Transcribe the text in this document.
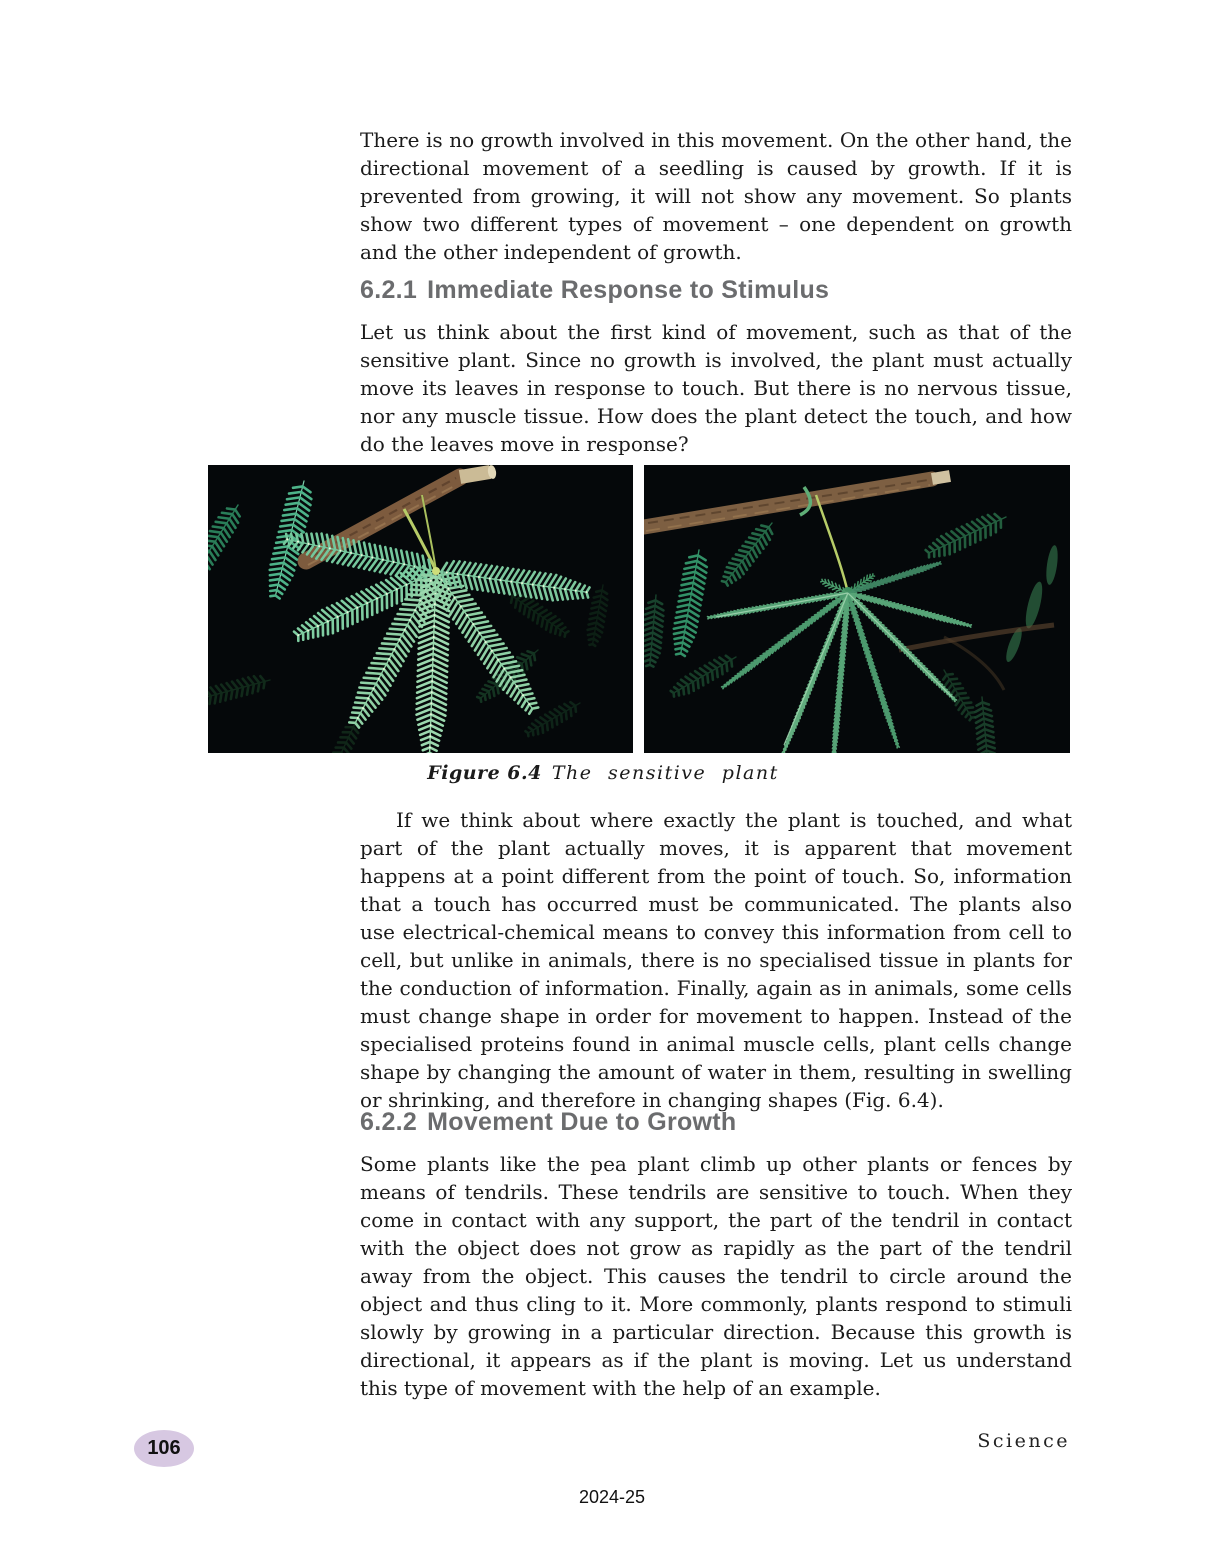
There is no growth involved in this movement. On the other hand, the directional movement of a seedling is caused by growth. If it is prevented from growing, it will not show any movement. So plants show two different types of movement – one dependent on growth and the other independent of growth.

6.2.1 Immediate Response to Stimulus

Let us think about the first kind of movement, such as that of the sensitive plant. Since no growth is involved, the plant must actually move its leaves in response to touch. But there is no nervous tissue, nor any muscle tissue. How does the plant detect the touch, and how do the leaves move in response?

Figure 6.4 The sensitive plant

If we think about where exactly the plant is touched, and what part of the plant actually moves, it is apparent that movement happens at a point different from the point of touch. So, information that a touch has occurred must be communicated. The plants also use electrical-chemical means to convey this information from cell to cell, but unlike in animals, there is no specialised tissue in plants for the conduction of information. Finally, again as in animals, some cells must change shape in order for movement to happen. Instead of the specialised proteins found in animal muscle cells, plant cells change shape by changing the amount of water in them, resulting in swelling or shrinking, and therefore in changing shapes (Fig. 6.4).

6.2.2 Movement Due to Growth

Some plants like the pea plant climb up other plants or fences by means of tendrils. These tendrils are sensitive to touch. When they come in contact with any support, the part of the tendril in contact with the object does not grow as rapidly as the part of the tendril away from the object. This causes the tendril to circle around the object and thus cling to it. More commonly, plants respond to stimuli slowly by growing in a particular direction. Because this growth is directional, it appears as if the plant is moving. Let us understand this type of movement with the help of an example.

106	Science

2024-25
